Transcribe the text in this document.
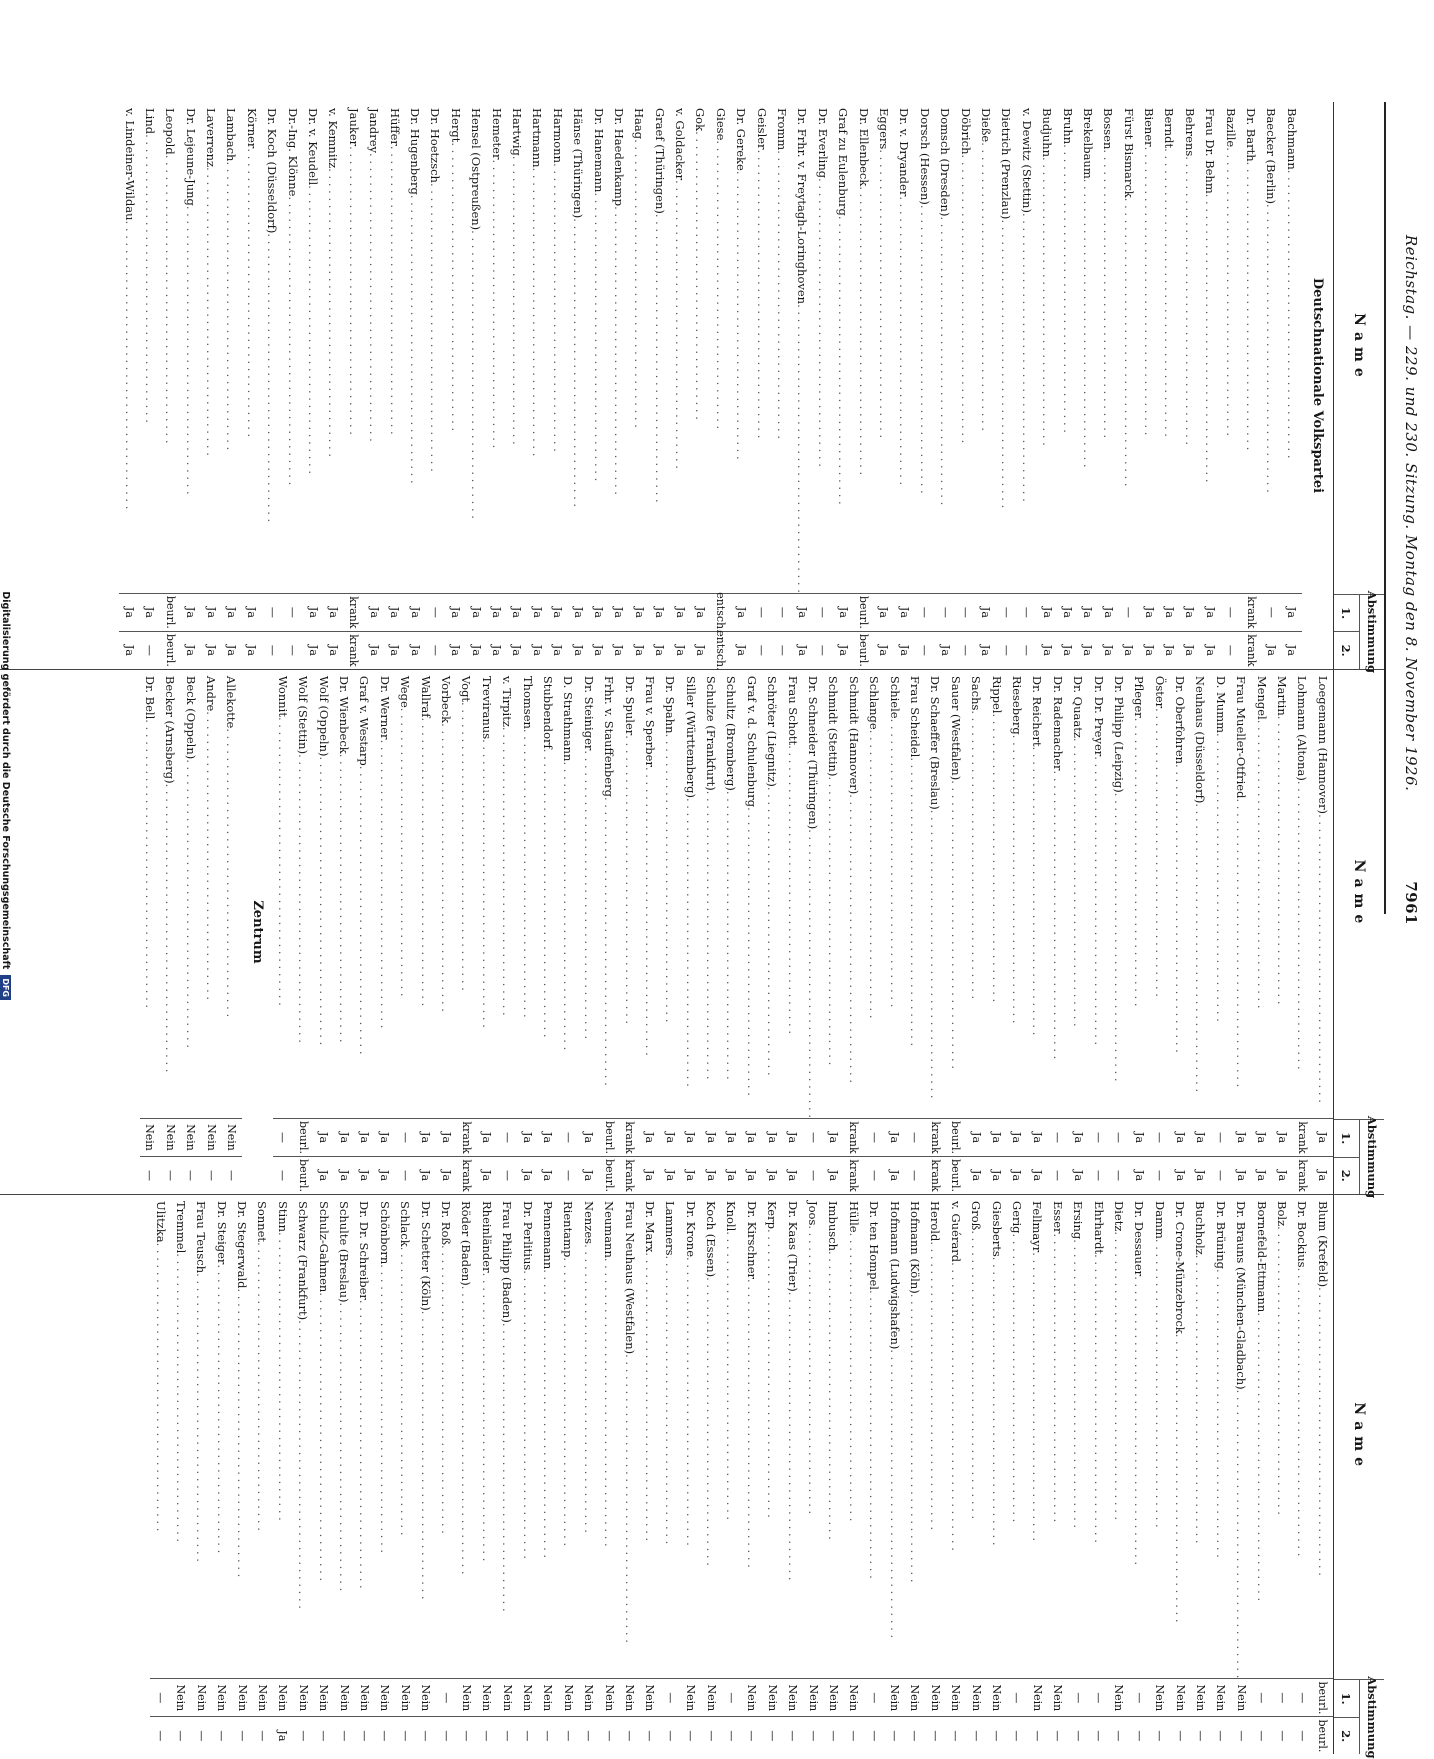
Reichstag. — 229. und 230. Sitzung. Montag den 8. November 1926.
7961
Name
Abstimmung
1.
2.
Deutschnationale Volkspartei
Bachmann . . .
Ja
Ja
Baecker (Berlin) . . .
—
Ja
Dr. Barth . . .
krank
krank
Bazille . . .
—
—
Frau Dr. Behm . . .
Ja
Ja
Behrens . . .
Ja
Ja
Berndt . . .
Ja
Ja
Biener . . .
Ja
Ja
Fürst Bismarck . . .
—
Ja
Bossen . . .
Ja
Ja
Brekelbaum . . .
Ja
Ja
Bruhn . . .
Ja
Ja
Budjuhn . . .
Ja
Ja
v. Dewitz (Stettin) . . .
—
—
Dietrich (Prenzlau) . . .
—
—
Dieße . . .
Ja
Ja
Döbrich . . .
—
—
Domsch (Dresden) . . .
—
Ja
Dorsch (Hessen) . . .
—
—
Dr. v. Dryander . . .
Ja
Ja
Eggers . . .
Ja
Ja
Dr. Ellenbeck . . .
beurl.
beurl.
Graf zu Eulenburg . . .
Ja
Ja
Dr. Everling . . .
—
—
Dr. Frhr. v. Freytagh-Loringhoven . . .
Ja
Ja
Fromm . . .
—
—
Geisler . . .
—
—
Dr. Gereke . . .
Ja
Ja
Giese . . .
entsch.
entsch.
Gok . . .
Ja
Ja
v. Goldacker . . .
Ja
Ja
Graef (Thüringen) . . .
Ja
Ja
Haag . . .
Ja
Ja
Dr. Haedenkamp . . .
Ja
Ja
Dr. Hanemann . . .
Ja
Ja
Hänse (Thüringen) . . .
Ja
Ja
Harmonn . . .
Ja
Ja
Hartmann . . .
Ja
Ja
Hartwig . . .
Ja
Ja
Hemeter . . .
Ja
Ja
Hensel (Ostpreußen) . . .
Ja
Ja
Hergt . . .
Ja
Ja
Dr. Hoetzsch . . .
—
—
Dr. Hugenberg . . .
Ja
Ja
Hüffer . . .
Ja
Ja
Jandrey . . .
Ja
Ja
Jauker . . .
krank
krank
v. Kemnitz . . .
Ja
Ja
Dr. v. Keudell . . .
Ja
Ja
Dr.-Ing. Klönne . . .
—
—
Dr. Koch (Düsseldorf) . . .
—
—
Körner . . .
Ja
Ja
Lambach . . .
Ja
Ja
Laverrenz . . .
Ja
Ja
Dr. Lejeune-Jung . . .
Ja
Ja
Leopold . . .
beurl.
beurl.
Lind . . .
Ja
—
v. Lindeiner-Wildau . . .
Ja
Ja
Name
Abstimmung
1.
2.
Loegemann (Hannover) . . .
Ja
Ja
Lohmann (Altona) . . .
krank
krank
Martin . . .
Ja
Ja
Mengel . . .
Ja
Ja
Frau Mueller-Otfried . . .
Ja
Ja
D. Mumm . . .
—
—
Neuhaus (Düsseldorf) . . .
Ja
Ja
Dr. Oberfohren . . .
Ja
Ja
Öster . . .
—
—
Pfleger . . .
Ja
Ja
Dr. Philipp (Leipzig) . . .
—
—
Dr. Dr. Preyer . . .
—
—
Dr. Quaatz . . .
Ja
Ja
Dr. Rademacher . . .
—
—
Dr. Reichert . . .
Ja
Ja
Rieseberg . . .
Ja
Ja
Rippel . . .
Ja
Ja
Sachs . . .
Ja
Ja
Sauer (Westfalen) . . .
beurl.
beurl.
Dr. Schaeffer (Breslau) . . .
krank
krank
Frau Scheidel . . .
—
—
Schiele . . .
Ja
Ja
Schlange . . .
—
—
Schmidt (Hannover) . . .
krank
krank
Schmidt (Stettin) . . .
Ja
Ja
Dr. Schneider (Thüringen) . . .
—
—
Frau Schott . . .
Ja
Ja
Schröter (Liegnitz) . . .
Ja
Ja
Graf v. d. Schulenburg . . .
Ja
Ja
Schultz (Bromberg) . . .
Ja
Ja
Schulze (Frankfurt) . . .
Ja
Ja
Siller (Württemberg) . . .
Ja
Ja
Dr. Spahn . . .
Ja
Ja
Frau v. Sperber . . .
Ja
Ja
Dr. Spuler . . .
krank
krank
Frhr. v. Stauffenberg . . .
beurl.
beurl.
Dr. Steiniger . . .
Ja
Ja
D. Strathmann . . .
—
—
Stubbendorf . . .
Ja
Ja
Thomsen . . .
Ja
Ja
v. Tirpitz . . .
—
—
Treviranus . . .
Ja
Ja
Vogt . . .
krank
krank
Vorbeck . . .
Ja
Ja
Wallraf . . .
Ja
Ja
Wege . . .
—
—
Dr. Werner . . .
Ja
Ja
Graf v. Westarp . . .
Ja
Ja
Dr. Wienbeck . . .
Ja
Ja
Wolf (Oppeln) . . .
Ja
Ja
Wolf (Stettin) . . .
beurl.
beurl.
Wonnit . . .
—
—
Zentrum
Allekotte . . .
Nein
—
Andre . . .
Nein
—
Beck (Oppeln) . . .
Nein
—
Becker (Arnsberg) . . .
Nein
—
Dr. Bell . . .
Nein
—
Name
Abstimmung
1.
2.
Blum (Krefeld) . . .
beurl.
beurl.
Dr. Bockius . . .
—
—
Bolz . . .
—
—
Bornefeld-Ettmann . . .
—
—
Dr. Brauns (München-Gladbach) . . .
Nein
—
Dr. Brüning . . .
Nein
—
Buchholz . . .
Nein
—
Dr. Crone-Münzebrock . . .
Nein
—
Damm . . .
Nein
—
Dr. Dessauer . . .
—
—
Dietz . . .
Nein
—
Ehrhardt . . .
—
—
Ersing . . .
—
—
Esser . . .
Nein
—
Fellmayr . . .
Nein
—
Gerig . . .
—
—
Giesberts . . .
Nein
—
Groß . . .
Nein
—
v. Guérard . . .
Nein
—
Herold . . .
Nein
—
Hofmann (Köln) . . .
Nein
—
Hofmann (Ludwigshafen) . . .
Nein
—
Dr. ten Hompel . . .
—
—
Hülle . . .
Nein
—
Imbusch . . .
Nein
—
Joos . . .
Nein
—
Dr. Kaas (Trier) . . .
Nein
—
Kerp . . .
Nein
—
Dr. Kirschner . . .
Nein
—
Knoll . . .
—
—
Koch (Essen) . . .
Nein
—
Dr. Krone . . .
Nein
—
Lammers . . .
—
—
Dr. Marx . . .
Nein
—
Frau Neuhaus (Westfalen) . . .
Nein
—
Neumann . . .
Nein
—
Nenzes . . .
Nein
—
Rientamp . . .
Nein
—
Pennemann . . .
Nein
—
Dr. Perlitius . . .
Nein
—
Frau Philipp (Baden) . . .
Nein
—
Rheinländer . . .
Nein
—
Röder (Baden) . . .
Nein
—
Dr. Roß . . .
—
—
Dr. Schetter (Köln) . . .
Nein
—
Schlack . . .
Nein
—
Schönborn . . .
Nein
—
Dr. Dr. Schreiber . . .
Nein
—
Schulte (Breslau) . . .
Nein
—
Schulz-Gahmen . . .
Nein
—
Schwarz (Frankfurt) . . .
Nein
—
Stinn . . .
Nein
Ja
Sonnet . . .
Nein
—
Dr. Stegerwald . . .
Nein
—
Dr. Steiger . . .
Nein
—
Frau Teusch . . .
Nein
—
Tremmel . . .
Nein
—
Ulitzka . . .
—
—
Digitalisierung gefördert durch die Deutsche Forschungsgemeinschaft
DFG
